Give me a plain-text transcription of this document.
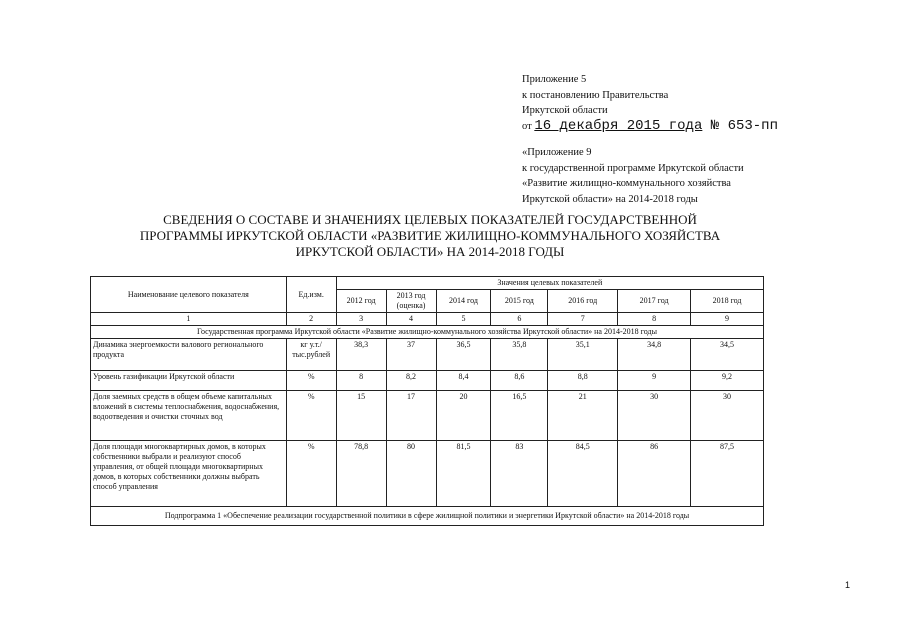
Приложение 5
к постановлению Правительства
Иркутской области
от 16 декабря 2015 года № 653-пп
«Приложение 9
к государственной программе Иркутской области
«Развитие жилищно-коммунального хозяйства
Иркутской области» на 2014-2018 годы
СВЕДЕНИЯ О СОСТАВЕ И ЗНАЧЕНИЯХ ЦЕЛЕВЫХ ПОКАЗАТЕЛЕЙ ГОСУДАРСТВЕННОЙ
ПРОГРАММЫ ИРКУТСКОЙ ОБЛАСТИ «РАЗВИТИЕ ЖИЛИЩНО-КОММУНАЛЬНОГО ХОЗЯЙСТВА
ИРКУТСКОЙ ОБЛАСТИ» НА 2014-2018 ГОДЫ
Наименование целевого показателя	Ед.изм.	Значения целевых показателей						
		2012 год	2013 год (оценка)	2014 год	2015 год	2016 год	2017 год	2018 год
1	2	3	4	5	6	7	8	9
Государственная программа Иркутской области «Развитие жилищно-коммунального хозяйства Иркутской области» на 2014-2018 годы								
Динамика энергоемкости валового регионального продукта	кг у.т./ тыс.рублей	38,3	37	36,5	35,8	35,1	34,8	34,5
Уровень газификации Иркутской области	%	8	8,2	8,4	8,6	8,8	9	9,2
Доля заемных средств в общем объеме капитальных вложений в системы теплоснабжения, водоснабжения, водоотведения и очистки сточных вод	%	15	17	20	16,5	21	30	30
Доля площади многоквартирных домов, в которых собственники выбрали и реализуют способ управления, от общей площади многоквартирных домов, в которых собственники должны выбрать способ управления	%	78,8	80	81,5	83	84,5	86	87,5
Подпрограмма 1 «Обеспечение реализации государственной политики в сфере жилищной политики и энергетики Иркутской области» на 2014-2018 годы								
1
